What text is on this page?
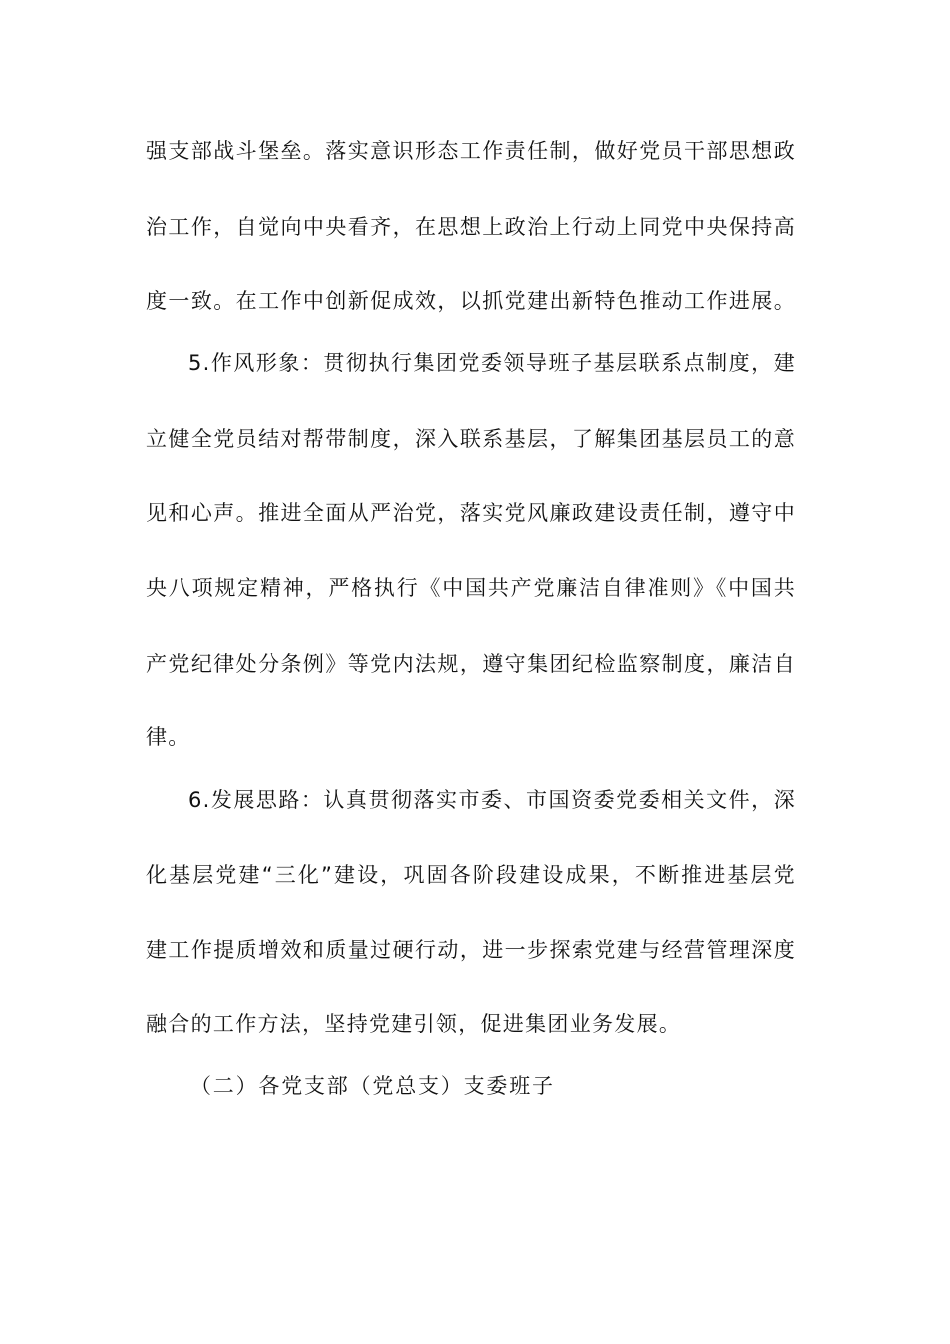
强支部战斗堡垒。落实意识形态工作责任制，做好党员干部思想政
治工作，自觉向中央看齐，在思想上政治上行动上同党中央保持高
度一致。在工作中创新促成效，以抓党建出新特色推动工作进展。
5.作风形象：贯彻执行集团党委领导班子基层联系点制度，建
立健全党员结对帮带制度，深入联系基层，了解集团基层员工的意
见和心声。推进全面从严治党，落实党风廉政建设责任制，遵守中
央八项规定精神，严格执行《中国共产党廉洁自律准则》《中国共
产党纪律处分条例》等党内法规，遵守集团纪检监察制度，廉洁自
律。
6.发展思路：认真贯彻落实市委、市国资委党委相关文件，深
化基层党建“三化”建设，巩固各阶段建设成果，不断推进基层党
建工作提质增效和质量过硬行动，进一步探索党建与经营管理深度
融合的工作方法，坚持党建引领，促进集团业务发展。
（二）各党支部（党总支）支委班子
